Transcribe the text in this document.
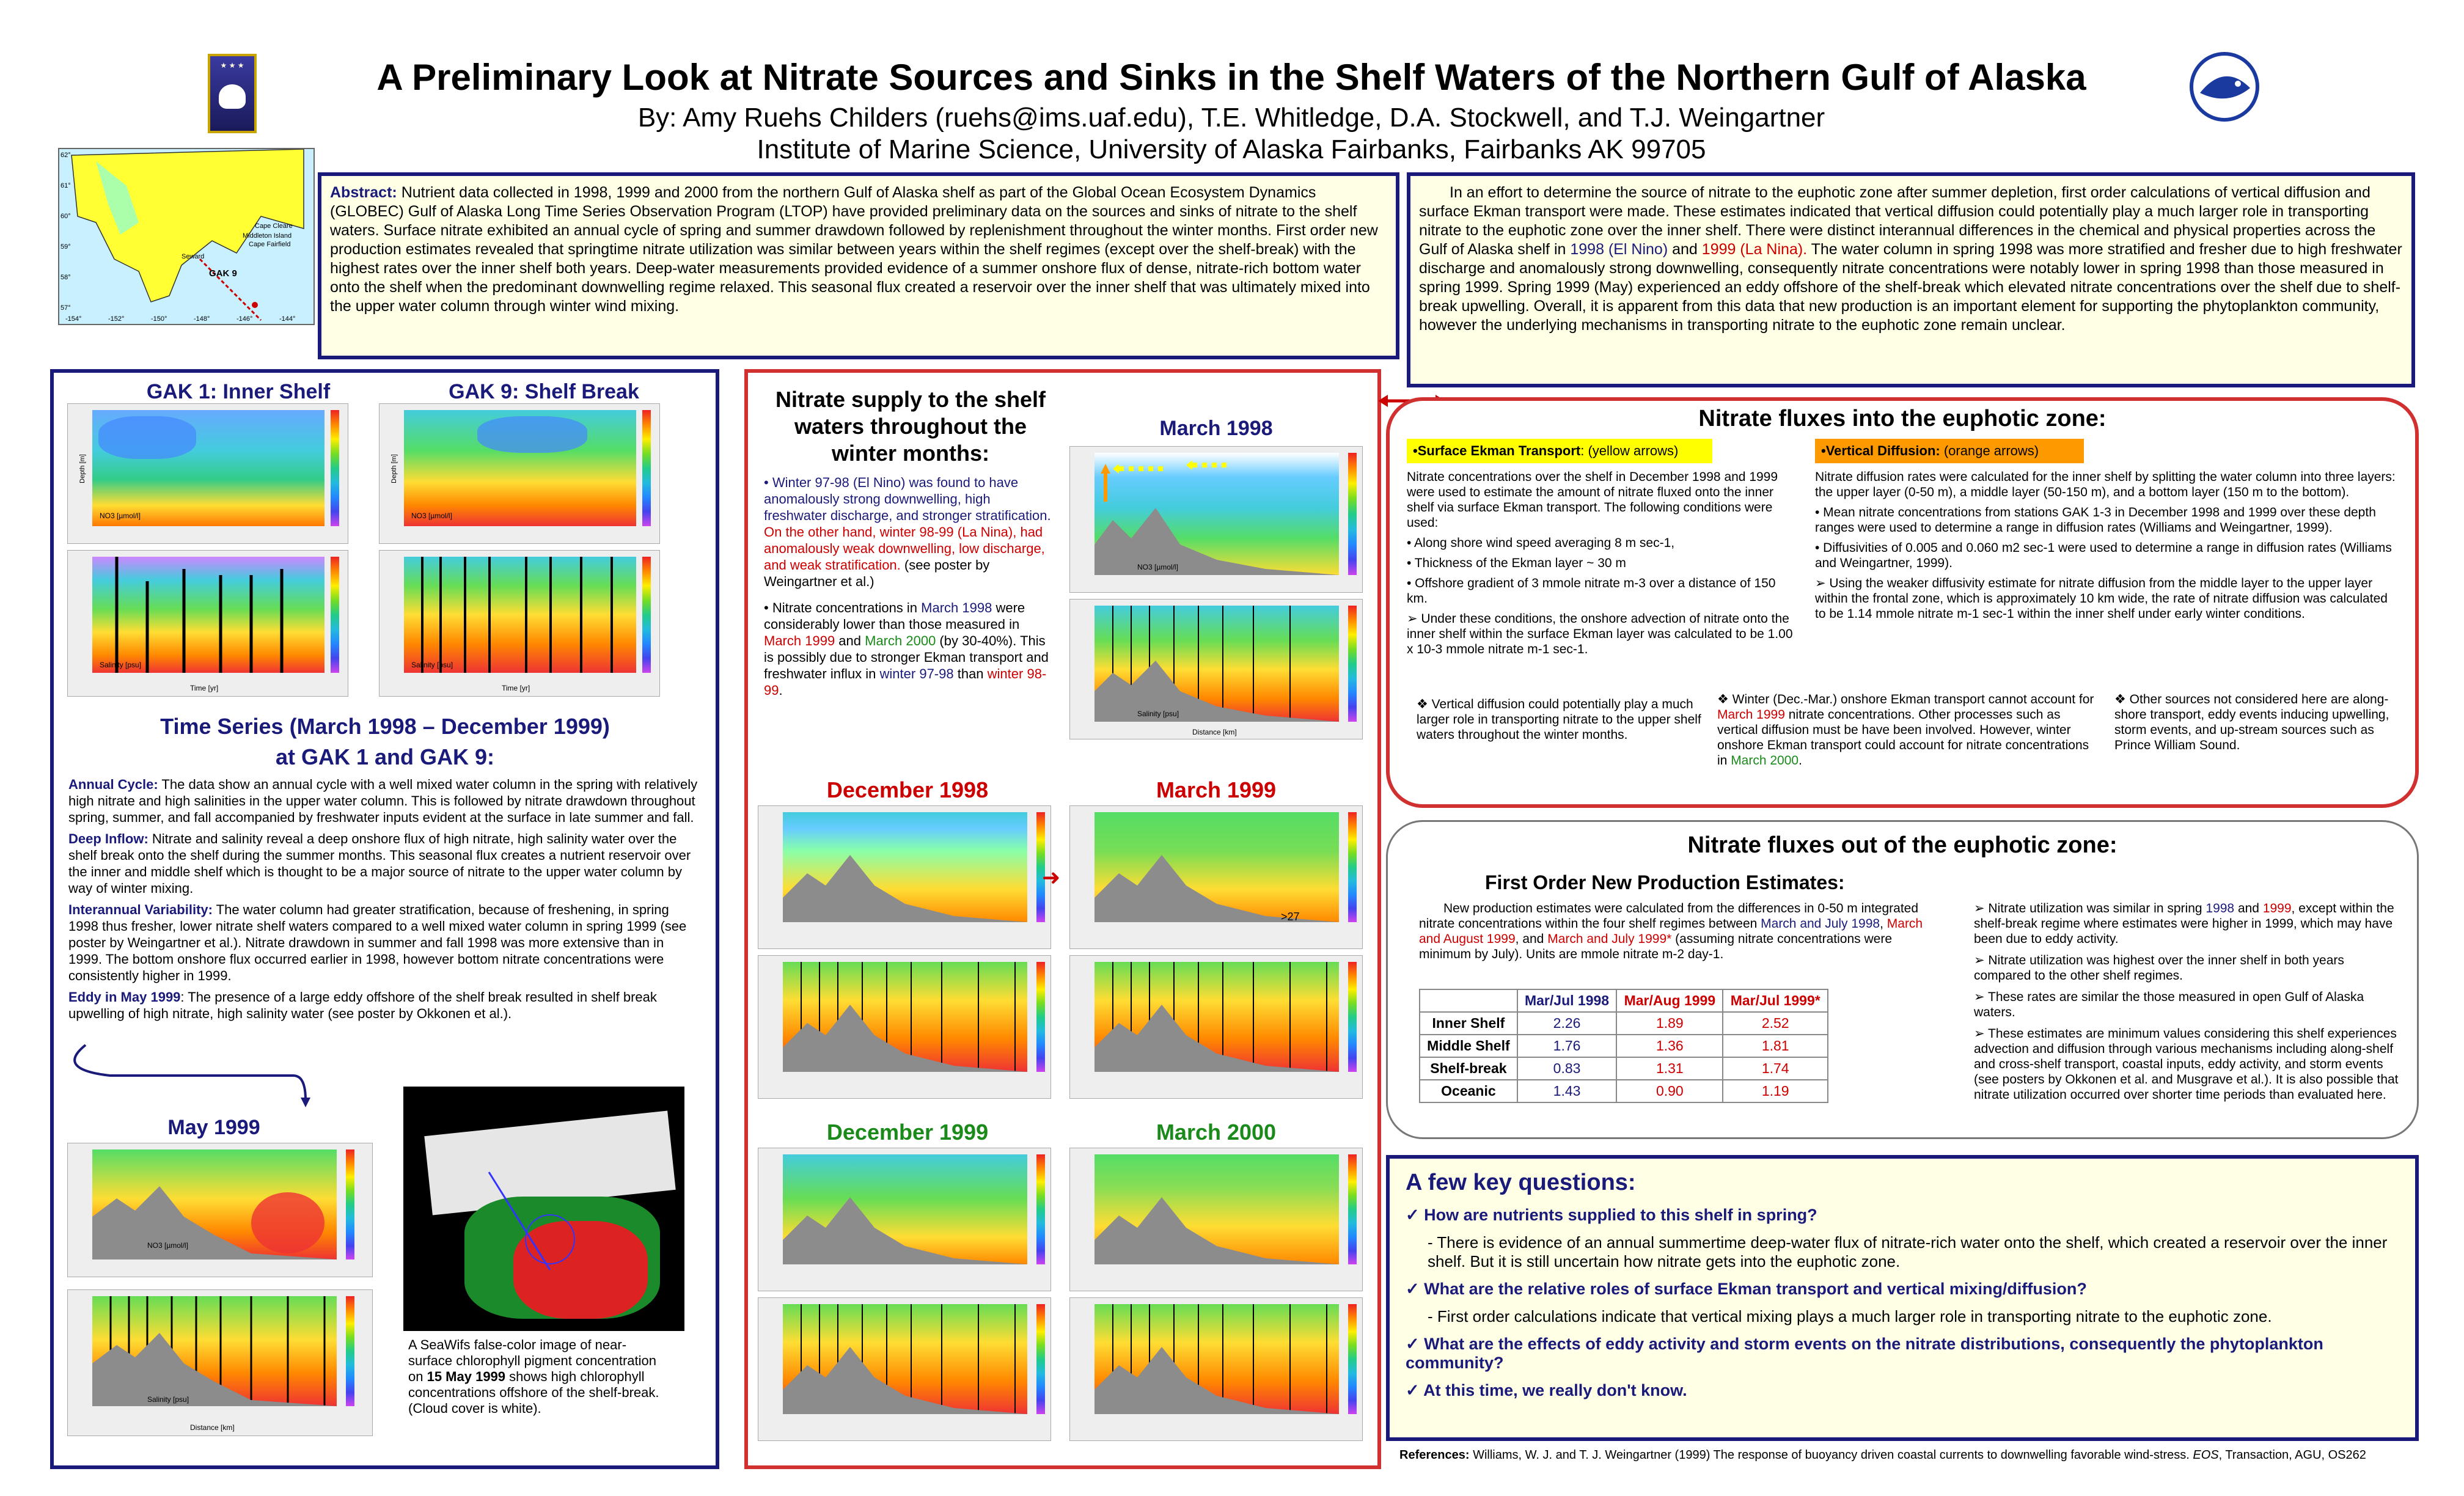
★ ★ ★	A Preliminary Look at Nitrate Sources and Sinks in the Shelf Waters of the Northern Gulf of Alaska
By: Amy Ruehs Childers (ruehs@ims.uaf.edu), T.E. Whitledge, D.A. Stockwell, and T.J. Weingartner
Institute of Marine Science, University of Alaska Fairbanks, Fairbanks AK 99705
GAK 9
Cape Fairfield
Seward
Cape Cleare
Middleton Island
-154°	-152°	-150°	-148°	-146°	-144°
62°
61°
60°
59°
58°
57°

Abstract: Nutrient data collected in 1998, 1999 and 2000 from the northern Gulf of Alaska shelf as part of the Global Ocean Ecosystem Dynamics (GLOBEC) Gulf of Alaska Long Time Series Observation Program (LTOP) have provided preliminary data on the sources and sinks of nitrate to the shelf waters. Surface nitrate exhibited an annual cycle of spring and summer drawdown followed by replenishment throughout the winter months. First order new production estimates revealed that springtime nitrate utilization was similar between years within the shelf regimes (except over the shelf-break) with the highest rates over the inner shelf both years. Deep-water measurements provided evidence of a summer onshore flux of dense, nitrate-rich bottom water onto the shelf when the predominant downwelling regime relaxed. This seasonal flux created a reservoir over the inner shelf that was ultimately mixed into the upper water column through winter wind mixing.

In an effort to determine the source of nitrate to the euphotic zone after summer depletion, first order calculations of vertical diffusion and surface Ekman transport were made. These estimates indicated that vertical diffusion could potentially play a much larger role in transporting nitrate to the euphotic zone over the inner shelf. There were distinct interannual differences in the chemical and physical properties across the Gulf of Alaska shelf in 1998 (El Nino) and 1999 (La Nina). The water column in spring 1998 was more stratified and fresher due to high freshwater discharge and anomalously strong downwelling, consequently nitrate concentrations were notably lower in spring 1998 than those measured in spring 1999. Spring 1999 (May) experienced an eddy offshore of the shelf-break which elevated nitrate concentrations over the shelf due to shelf-break upwelling. Overall, it is apparent from this data that new production is an important element for supporting the phytoplankton community, however the underlying mechanisms in transporting nitrate to the euphotic zone remain unclear.

GAK 1: Inner Shelf	GAK 9: Shelf Break
NO3 [µmol/l]
Depth [m]
NO3 [µmol/l]
Depth [m]
Salinity [psu]
Time [yr]
Salinity [psu]
Time [yr]
Time Series (March 1998 – December 1999)
at GAK 1 and GAK 9:

Annual Cycle: The data show an annual cycle with a well mixed water column in the spring with relatively high nitrate and high salinities in the upper water column. This is followed by nitrate drawdown throughout spring, summer, and fall accompanied by freshwater inputs evident at the surface in late summer and fall.

Deep Inflow: Nitrate and salinity reveal a deep onshore flux of high nitrate, high salinity water over the shelf break onto the shelf during the summer months. This seasonal flux creates a nutrient reservoir over the inner and middle shelf which is thought to be a major source of nitrate to the upper water column by way of winter mixing.

Interannual Variability: The water column had greater stratification, because of freshening, in spring 1998 thus fresher, lower nitrate shelf waters compared to a well mixed water column in spring 1999 (see poster by Weingartner et al.). Nitrate drawdown in summer and fall 1998 was more extensive than in 1999. The bottom onshore flux occurred earlier in 1998, however bottom nitrate concentrations were consistently higher in 1999.

Eddy in May 1999: The presence of a large eddy offshore of the shelf break resulted in shelf break upwelling of high nitrate, high salinity water (see poster by Okkonen et al.).

May 1999
NO3 [µmol/l]
Salinity [psu]
Distance [km]
A SeaWifs false-color image of near-surface chlorophyll pigment concentration on 15 May 1999 shows high chlorophyll concentrations offshore of the shelf-break. (Cloud cover is white).
Nitrate supply to the shelf waters throughout the winter months:

• Winter 97-98 (El Nino) was found to have anomalously strong downwelling, high freshwater discharge, and stronger stratification. On the other hand, winter 98-99 (La Nina), had anomalously weak downwelling, low discharge, and weak stratification. (see poster by Weingartner et al.)

• Nitrate concentrations in March 1998 were considerably lower than those measured in March 1999 and March 2000 (by 30-40%). This is possibly due to stronger Ekman transport and freshwater influx in winter 97-98 than winter 98-99.

March 1998
NO3 [µmol/l]
Salinity [psu]
Distance [km]
December 1998	March 1999
December 1999	March 2000
➜
>27
Nitrate fluxes into the euphotic zone:
•Surface Ekman Transport: (yellow arrows)

Nitrate concentrations over the shelf in December 1998 and 1999 were used to estimate the amount of nitrate fluxed onto the inner shelf via surface Ekman transport. The following conditions were used:

• Along shore wind speed averaging 8 m sec-1,

• Thickness of the Ekman layer ~ 30 m

• Offshore gradient of 3 mmole nitrate m-3 over a distance of 150 km.

➢ Under these conditions, the onshore advection of nitrate onto the inner shelf within the surface Ekman layer was calculated to be 1.00 x 10-3 mmole nitrate m-1 sec-1.

•Vertical Diffusion: (orange arrows)

Nitrate diffusion rates were calculated for the inner shelf by splitting the water column into three layers: the upper layer (0-50 m), a middle layer (50-150 m), and a bottom layer (150 m to the bottom).

• Mean nitrate concentrations from stations GAK 1-3 in December 1998 and 1999 over these depth ranges were used to determine a range in diffusion rates (Williams and Weingartner, 1999).

• Diffusivities of 0.005 and 0.060 m2 sec-1 were used to determine a range in diffusion rates (Williams and Weingartner, 1999).

➢ Using the weaker diffusivity estimate for nitrate diffusion from the middle layer to the upper layer within the frontal zone, which is approximately 10 km wide, the rate of nitrate diffusion was calculated to be 1.14 mmole nitrate m-1 sec-1 within the inner shelf under early winter conditions.

❖ Vertical diffusion could potentially play a much larger role in transporting nitrate to the upper shelf waters throughout the winter months.
❖ Winter (Dec.-Mar.) onshore Ekman transport cannot account for March 1999 nitrate concentrations. Other processes such as vertical diffusion must be have been involved. However, winter onshore Ekman transport could account for nitrate concentrations in March 2000.
❖ Other sources not considered here are along-shore transport, eddy events inducing upwelling, storm events, and up-stream sources such as Prince William Sound.
Nitrate fluxes out of the euphotic zone:
First Order New Production Estimates:
New production estimates were calculated from the differences in 0-50 m integrated nitrate concentrations within the four shelf regimes between March and July 1998, March and August 1999, and March and July 1999* (assuming nitrate concentrations were minimum by July). Units are mmole nitrate m-2 day-1.
	Mar/Jul 1998	Mar/Aug 1999	Mar/Jul 1999*
Inner Shelf	2.26	1.89	2.52
Middle Shelf	1.76	1.36	1.81
Shelf-break	0.83	1.31	1.74
Oceanic	1.43	0.90	1.19

➢ Nitrate utilization was similar in spring 1998 and 1999, except within the shelf-break regime where estimates were higher in 1999, which may have been due to eddy activity.

➢ Nitrate utilization was highest over the inner shelf in both years compared to the other shelf regimes.

➢ These rates are similar the those measured in open Gulf of Alaska waters.

➢ These estimates are minimum values considering this shelf experiences advection and diffusion through various mechanisms including along-shelf and cross-shelf transport, coastal inputs, eddy activity, and storm events (see posters by Okkonen et al. and Musgrave et al.). It is also possible that nitrate utilization occurred over shorter time periods than evaluated here.

A few key questions:

✓ How are nutrients supplied to this shelf in spring?

- There is evidence of an annual summertime deep-water flux of nitrate-rich water onto the shelf, which created a reservoir over the inner shelf. But it is still uncertain how nitrate gets into the euphotic zone.

✓ What are the relative roles of surface Ekman transport and vertical mixing/diffusion?

- First order calculations indicate that vertical mixing plays a much larger role in transporting nitrate to the euphotic zone.

✓ What are the effects of eddy activity and storm events on the nitrate distributions, consequently the phytoplankton community?

✓ At this time, we really don't know.

References: Williams, W. J. and T. J. Weingartner (1999) The response of buoyancy driven coastal currents to downwelling favorable wind-stress. EOS, Transaction, AGU, OS262
